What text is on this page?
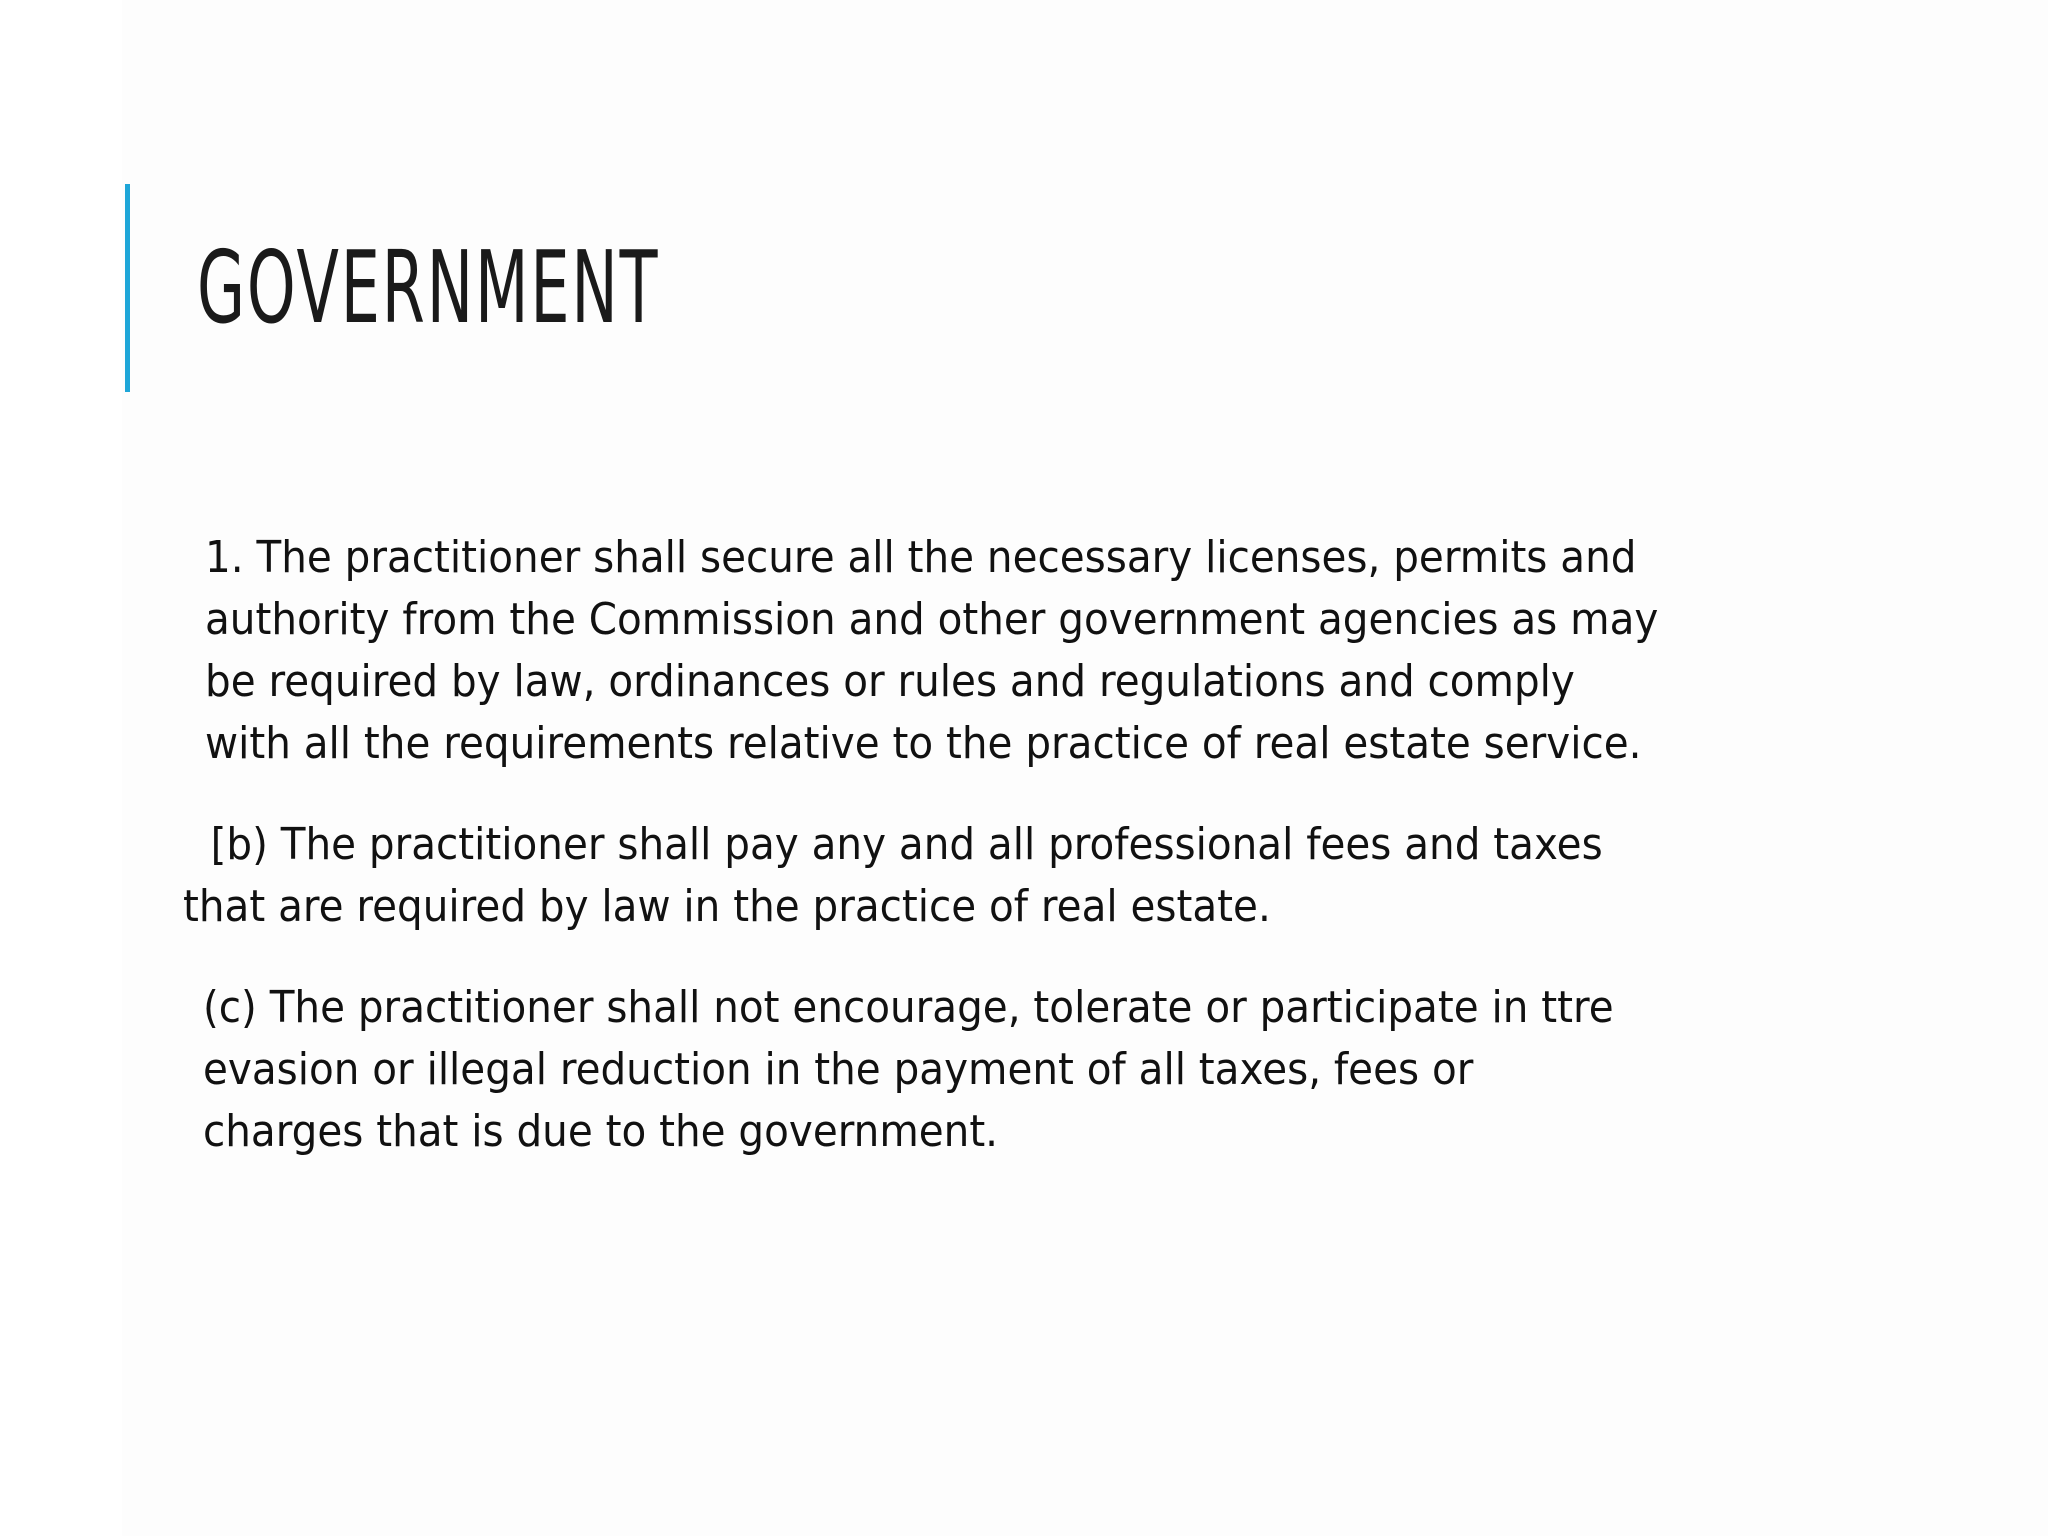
GOVERNMENT

1. The practitioner shall secure all the necessary licenses, permits and
authority from the Commission and other government agencies as may
be required by law, ordinances or rules and regulations and comply
with all the requirements relative to the practice of real estate service.

[b) The practitioner shall pay any and all professional fees and taxes
that are required by law in the practice of real estate.

(c) The practitioner shall not encourage, tolerate or participate in ttre
evasion or illegal reduction in the payment of all taxes, fees or
charges that is due to the government.
